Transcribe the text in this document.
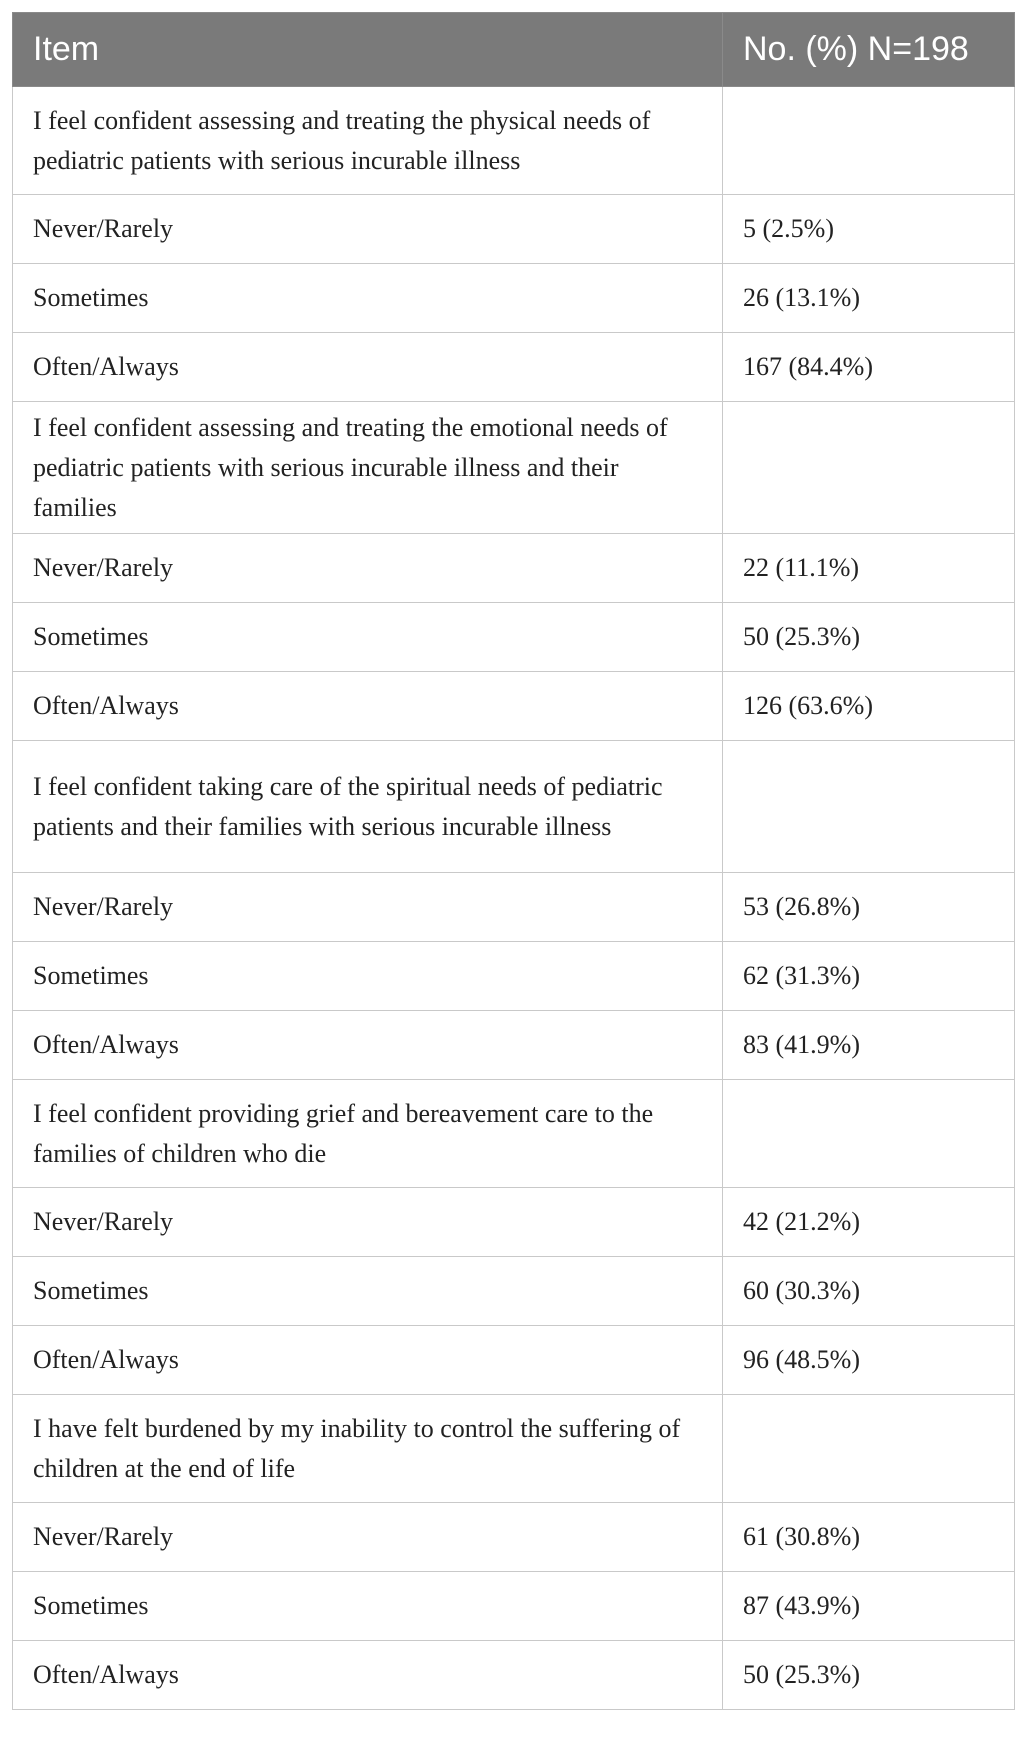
Item	No. (%) N=198
I feel confident assessing and treating the physical needs of pediatric patients with serious incurable illness	
Never/Rarely	5 (2.5%)
Sometimes	26 (13.1%)
Often/Always	167 (84.4%)
I feel confident assessing and treating the emotional needs of pediatric patients with serious incurable illness and their families	
Never/Rarely	22 (11.1%)
Sometimes	50 (25.3%)
Often/Always	126 (63.6%)
I feel confident taking care of the spiritual needs of pediatric patients and their families with serious incurable illness	
Never/Rarely	53 (26.8%)
Sometimes	62 (31.3%)
Often/Always	83 (41.9%)
I feel confident providing grief and bereavement care to the families of children who die	
Never/Rarely	42 (21.2%)
Sometimes	60 (30.3%)
Often/Always	96 (48.5%)
I have felt burdened by my inability to control the suffering of children at the end of life	
Never/Rarely	61 (30.8%)
Sometimes	87 (43.9%)
Often/Always	50 (25.3%)
